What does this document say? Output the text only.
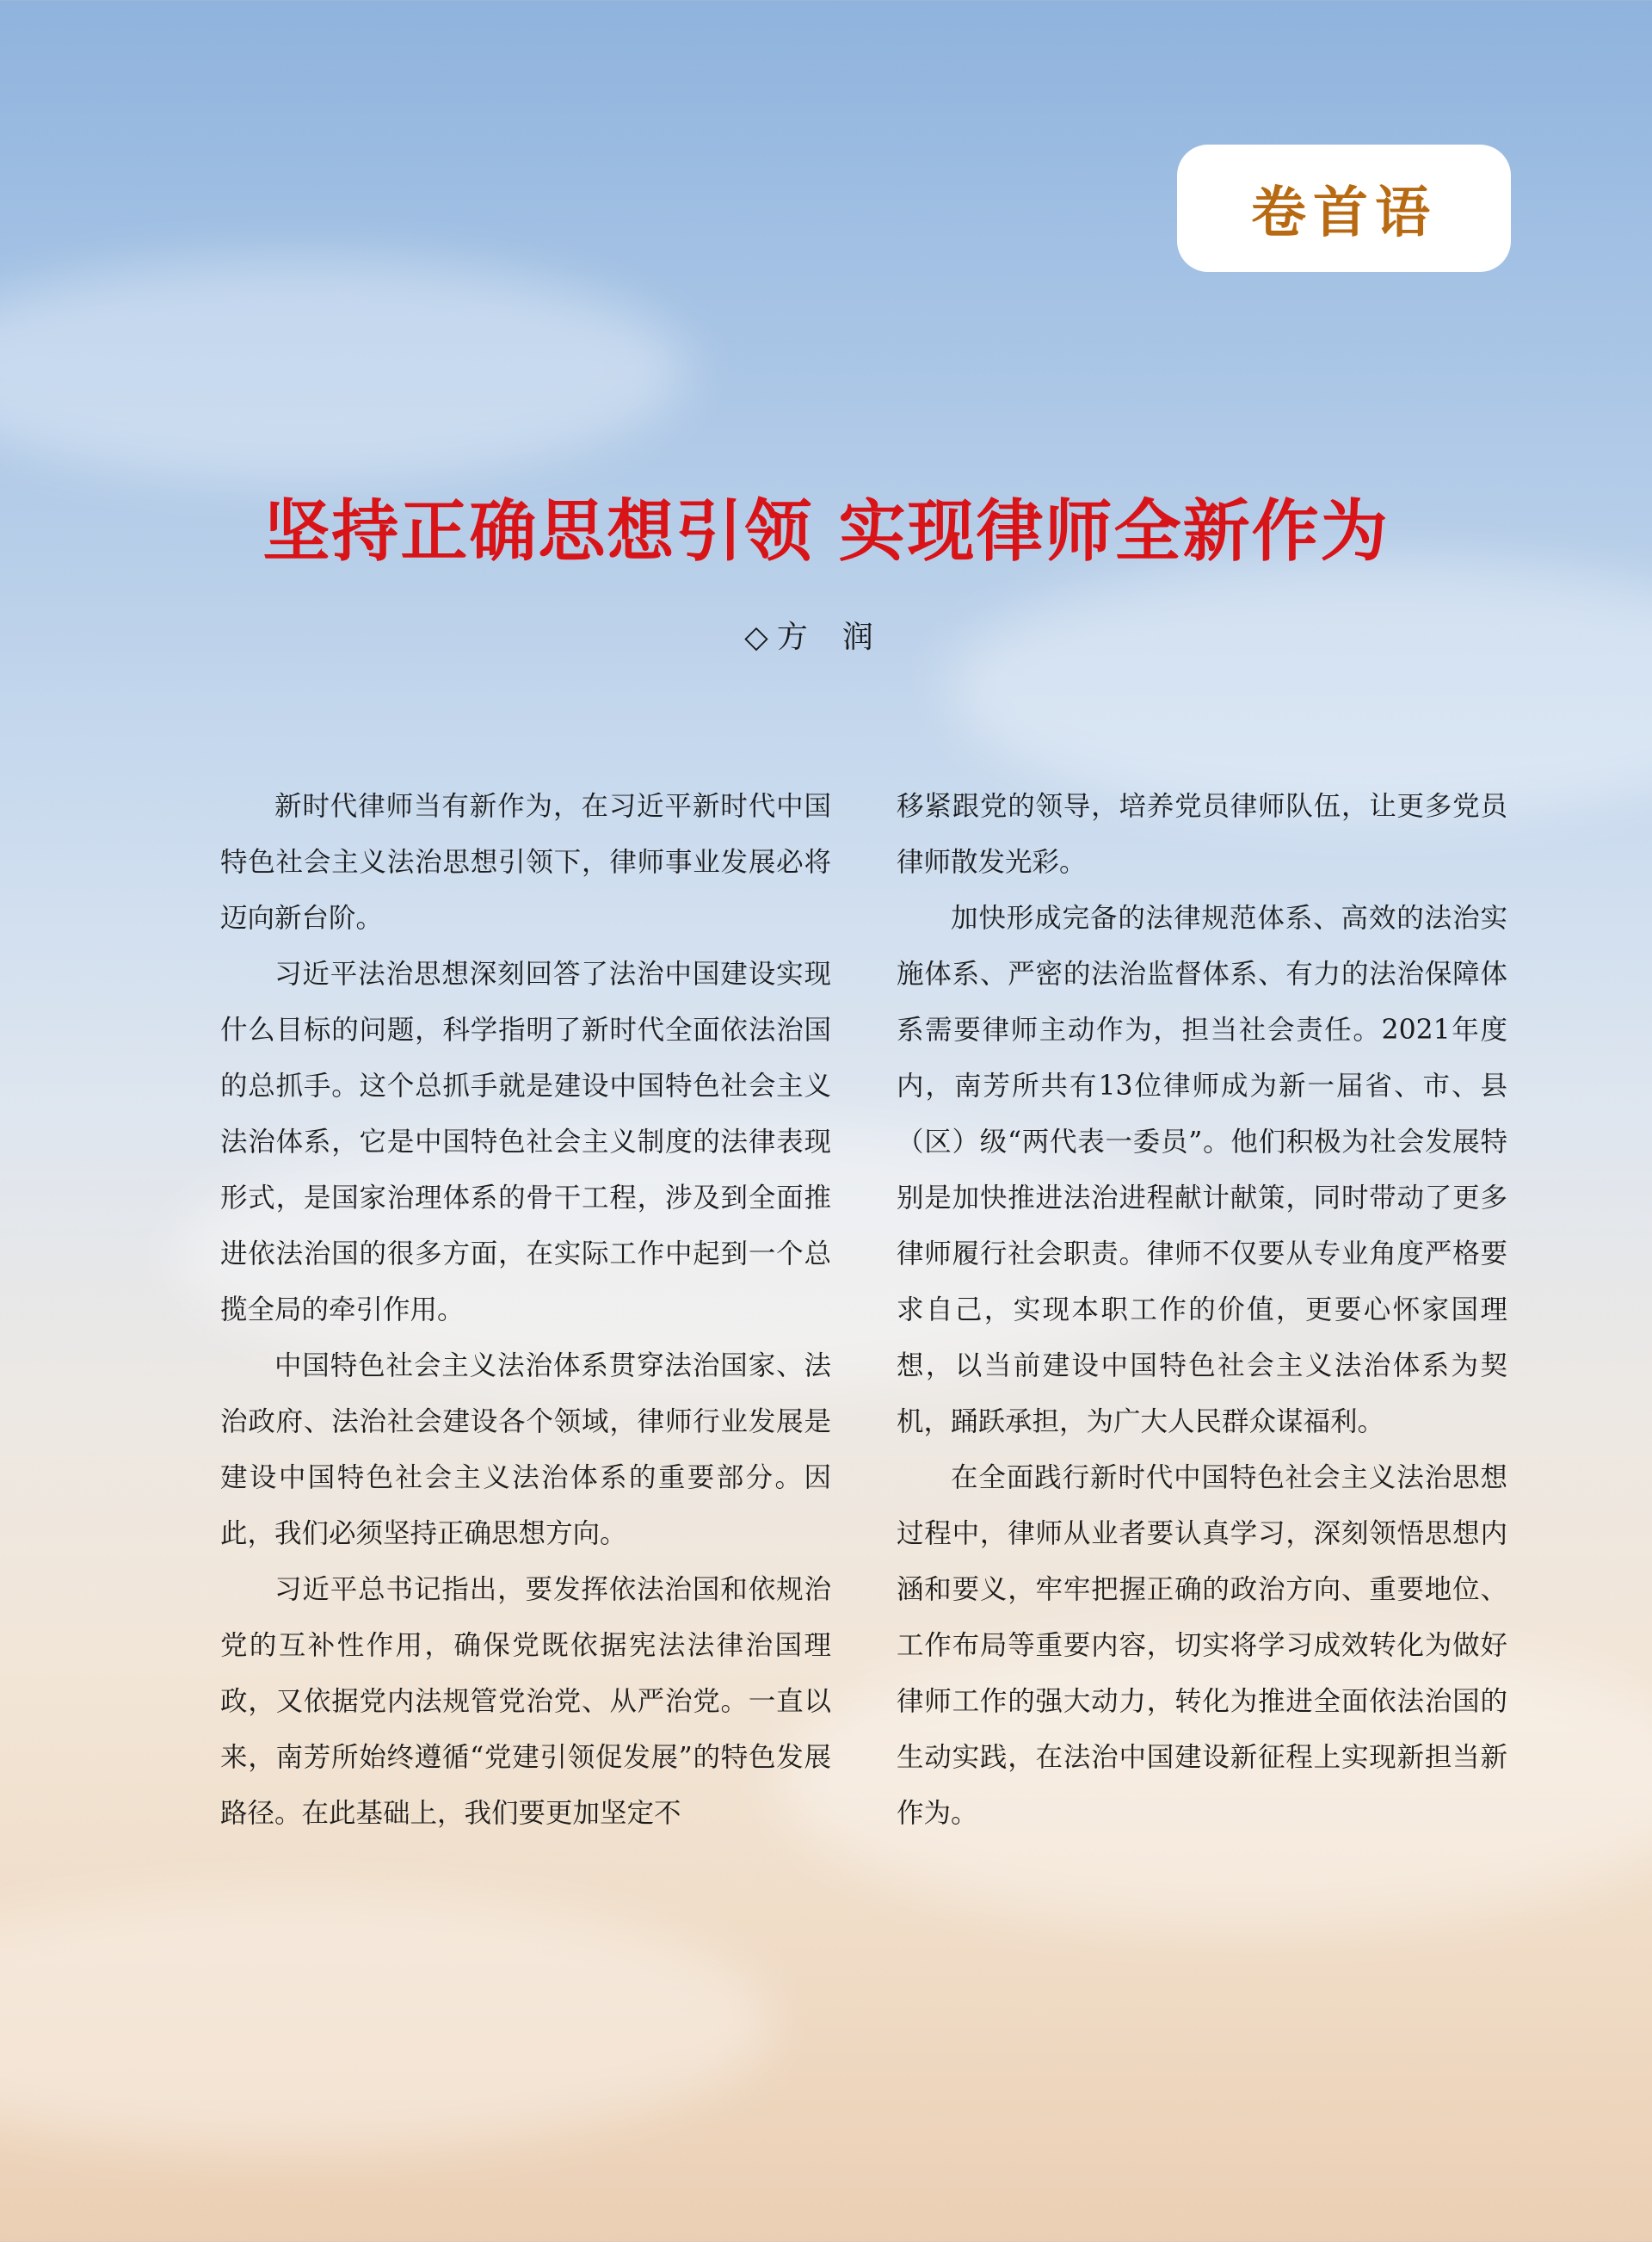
卷首语
坚持正确思想引领 实现律师全新作为
◇ 方润

新时代律师当有新作为，在习近平新时代中国特色社会主义法治思想引领下，律师事业发展必将迈向新台阶。

习近平法治思想深刻回答了法治中国建设实现什么目标的问题，科学指明了新时代全面依法治国的总抓手。这个总抓手就是建设中国特色社会主义法治体系，它是中国特色社会主义制度的法律表现形式，是国家治理体系的骨干工程，涉及到全面推进依法治国的很多方面，在实际工作中起到一个总揽全局的牵引作用。

中国特色社会主义法治体系贯穿法治国家、法治政府、法治社会建设各个领域，律师行业发展是建设中国特色社会主义法治体系的重要部分。因此，我们必须坚持正确思想方向。

习近平总书记指出，要发挥依法治国和依规治党的互补性作用，确保党既依据宪法法律治国理政，又依据党内法规管党治党、从严治党。一直以来，南芳所始终遵循“党建引领促发展”的特色发展路径。在此基础上，我们要更加坚定不

移紧跟党的领导，培养党员律师队伍，让更多党员律师散发光彩。

加快形成完备的法律规范体系、高效的法治实施体系、严密的法治监督体系、有力的法治保障体系需要律师主动作为，担当社会责任。2021年度内，南芳所共有13位律师成为新一届省、市、县（区）级“两代表一委员”。他们积极为社会发展特别是加快推进法治进程献计献策，同时带动了更多律师履行社会职责。律师不仅要从专业角度严格要求自己，实现本职工作的价值，更要心怀家国理想，以当前建设中国特色社会主义法治体系为契机，踊跃承担，为广大人民群众谋福利。

在全面践行新时代中国特色社会主义法治思想过程中，律师从业者要认真学习，深刻领悟思想内涵和要义，牢牢把握正确的政治方向、重要地位、工作布局等重要内容，切实将学习成效转化为做好律师工作的强大动力，转化为推进全面依法治国的生动实践，在法治中国建设新征程上实现新担当新作为。
